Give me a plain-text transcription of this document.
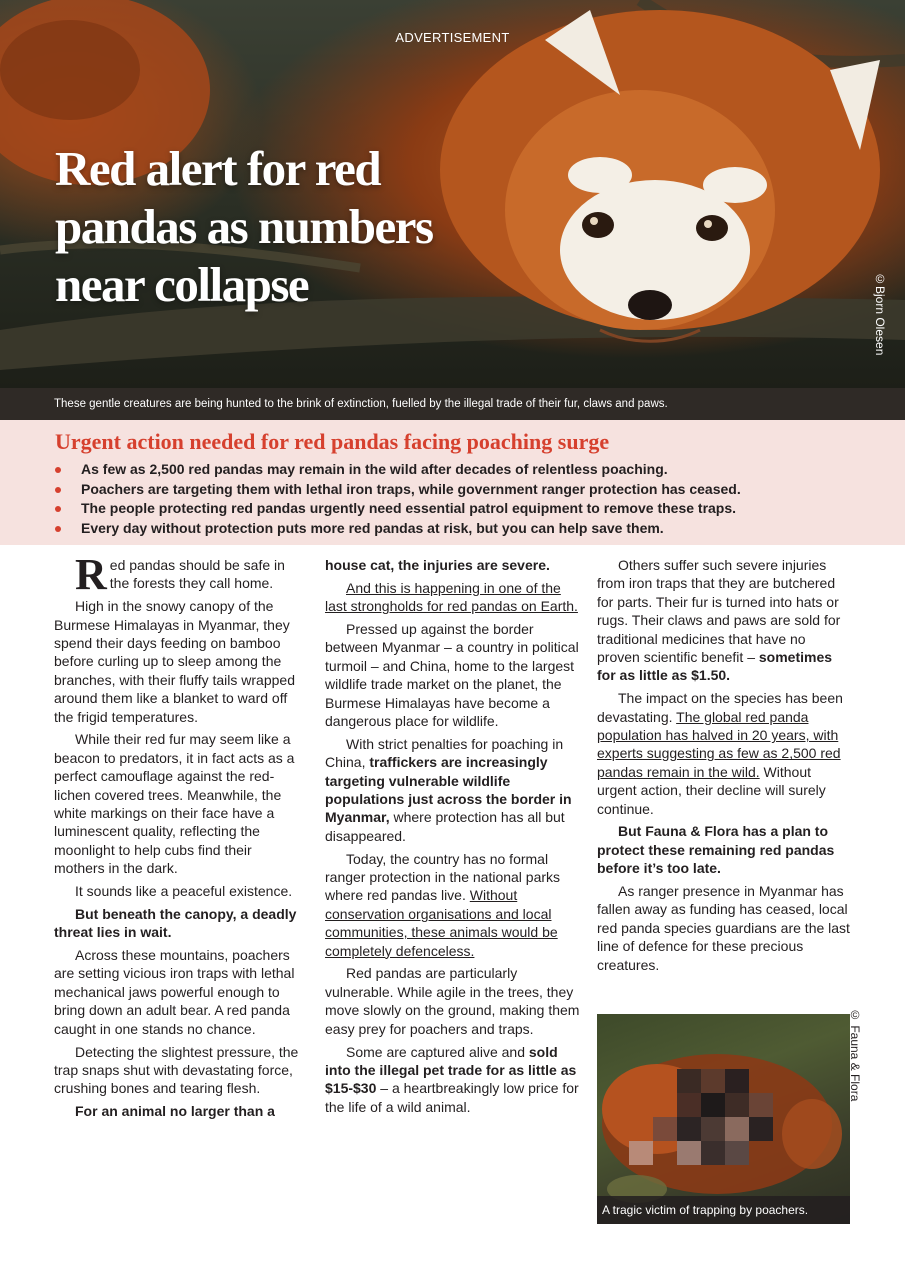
ADVERTISEMENT
Red alert for red pandas as numbers near collapse	©Bjorn Olesen
These gentle creatures are being hunted to the brink of extinction, fuelled by the illegal trade of their fur, claws and paws.
Urgent action needed for red pandas facing poaching surge
As few as 2,500 red pandas may remain in the wild after decades of relentless poaching.
Poachers are targeting them with lethal iron traps, while government ranger protection has ceased.
The people protecting red pandas urgently need essential patrol equipment to remove these traps.
Every day without protection puts more red pandas at risk, but you can help save them.

Red pandas should be safe in the forests they call home.

High in the snowy canopy of the Burmese Himalayas in Myanmar, they spend their days feeding on bamboo before curling up to sleep among the branches, with their fluffy tails wrapped around them like a blanket to ward off the frigid temperatures.

While their red fur may seem like a beacon to predators, it in fact acts as a perfect camouflage against the red-lichen covered trees. Meanwhile, the white markings on their face have a luminescent quality, reflecting the moonlight to help cubs find their mothers in the dark.

It sounds like a peaceful existence.

But beneath the canopy, a deadly threat lies in wait.

Across these mountains, poachers are setting vicious iron traps with lethal mechanical jaws powerful enough to bring down an adult bear. A red panda caught in one stands no chance.

Detecting the slightest pressure, the trap snaps shut with devastating force, crushing bones and tearing flesh.

For an animal no larger than a

house cat, the injuries are severe.

And this is happening in one of the last strongholds for red pandas on Earth.

Pressed up against the border between Myanmar – a country in political turmoil – and China, home to the largest wildlife trade market on the planet, the Burmese Himalayas have become a dangerous place for wildlife.

With strict penalties for poaching in China, traffickers are increasingly targeting vulnerable wildlife populations just across the border in Myanmar, where protection has all but disappeared.

Today, the country has no formal ranger protection in the national parks where red pandas live. Without conservation organisations and local communities, these animals would be completely defenceless.

Red pandas are particularly vulnerable. While agile in the trees, they move slowly on the ground, making them easy prey for poachers and traps.

Some are captured alive and sold into the illegal pet trade for as little as $15-$30 – a heartbreakingly low price for the life of a wild animal.

Others suffer such severe injuries from iron traps that they are butchered for parts. Their fur is turned into hats or rugs. Their claws and paws are sold for traditional medicines that have no proven scientific benefit – sometimes for as little as $1.50.

The impact on the species has been devastating. The global red panda population has halved in 20 years, with experts suggesting as few as 2,500 red pandas remain in the wild. Without urgent action, their decline will surely continue.

But Fauna & Flora has a plan to protect these remaining red pandas before it’s too late.

As ranger presence in Myanmar has fallen away as funding has ceased, local red panda species guardians are the last line of defence for these precious creatures.

A tragic victim of trapping by poachers.
© Fauna & Flora
